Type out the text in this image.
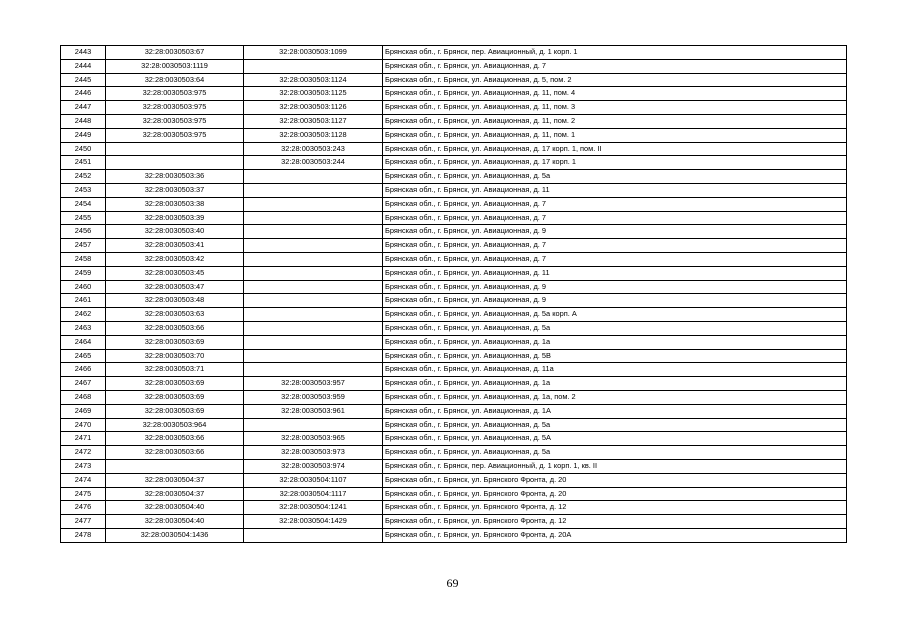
2443	32:28:0030503:67	32:28:0030503:1099	Брянская обл., г. Брянск, пер. Авиационный, д. 1 корп. 1
2444	32:28:0030503:1119		Брянская обл., г. Брянск, ул. Авиационная, д. 7
2445	32:28:0030503:64	32:28:0030503:1124	Брянская обл., г. Брянск, ул. Авиационная, д. 5, пом. 2
2446	32:28:0030503:975	32:28:0030503:1125	Брянская обл., г. Брянск, ул. Авиационная, д. 11, пом. 4
2447	32:28:0030503:975	32:28:0030503:1126	Брянская обл., г. Брянск, ул. Авиационная, д. 11, пом. 3
2448	32:28:0030503:975	32:28:0030503:1127	Брянская обл., г. Брянск, ул. Авиационная, д. 11, пом. 2
2449	32:28:0030503:975	32:28:0030503:1128	Брянская обл., г. Брянск, ул. Авиационная, д. 11, пом. 1
2450		32:28:0030503:243	Брянская обл., г. Брянск, ул. Авиационная, д. 17 корп. 1, пом. II
2451		32:28:0030503:244	Брянская обл., г. Брянск, ул. Авиационная, д. 17 корп. 1
2452	32:28:0030503:36		Брянская обл., г. Брянск, ул. Авиационная, д. 5а
2453	32:28:0030503:37		Брянская обл., г. Брянск, ул. Авиационная, д. 11
2454	32:28:0030503:38		Брянская обл., г. Брянск, ул. Авиационная, д. 7
2455	32:28:0030503:39		Брянская обл., г. Брянск, ул. Авиационная, д. 7
2456	32:28:0030503:40		Брянская обл., г. Брянск, ул. Авиационная, д. 9
2457	32:28:0030503:41		Брянская обл., г. Брянск, ул. Авиационная, д. 7
2458	32:28:0030503:42		Брянская обл., г. Брянск, ул. Авиационная, д. 7
2459	32:28:0030503:45		Брянская обл., г. Брянск, ул. Авиационная, д. 11
2460	32:28:0030503:47		Брянская обл., г. Брянск, ул. Авиационная, д. 9
2461	32:28:0030503:48		Брянская обл., г. Брянск, ул. Авиационная, д. 9
2462	32:28:0030503:63		Брянская обл., г. Брянск, ул. Авиационная, д. 5а корп. А
2463	32:28:0030503:66		Брянская обл., г. Брянск, ул. Авиационная, д. 5а
2464	32:28:0030503:69		Брянская обл., г. Брянск, ул. Авиационная, д. 1а
2465	32:28:0030503:70		Брянская обл., г. Брянск, ул. Авиационная, д. 5В
2466	32:28:0030503:71		Брянская обл., г. Брянск, ул. Авиационная, д. 11а
2467	32:28:0030503:69	32:28:0030503:957	Брянская обл., г. Брянск, ул. Авиационная, д. 1а
2468	32:28:0030503:69	32:28:0030503:959	Брянская обл., г. Брянск, ул. Авиационная, д. 1а, пом. 2
2469	32:28:0030503:69	32:28:0030503:961	Брянская обл., г. Брянск, ул. Авиационная, д. 1А
2470	32:28:0030503:964		Брянская обл., г. Брянск, ул. Авиационная, д. 5а
2471	32:28:0030503:66	32:28:0030503:965	Брянская обл., г. Брянск, ул. Авиационная, д. 5А
2472	32:28:0030503:66	32:28:0030503:973	Брянская обл., г. Брянск, ул. Авиационная, д. 5а
2473		32:28:0030503:974	Брянская обл., г. Брянск, пер. Авиационный, д. 1 корп. 1, кв. II
2474	32:28:0030504:37	32:28:0030504:1107	Брянская обл., г. Брянск, ул. Брянского Фронта, д. 20
2475	32:28:0030504:37	32:28:0030504:1117	Брянская обл., г. Брянск, ул. Брянского Фронта, д. 20
2476	32:28:0030504:40	32:28:0030504:1241	Брянская обл., г. Брянск, ул. Брянского Фронта, д. 12
2477	32:28:0030504:40	32:28:0030504:1429	Брянская обл., г. Брянск, ул. Брянского Фронта, д. 12
2478	32:28:0030504:1436		Брянская обл., г. Брянск, ул. Брянского Фронта, д. 20А
69
